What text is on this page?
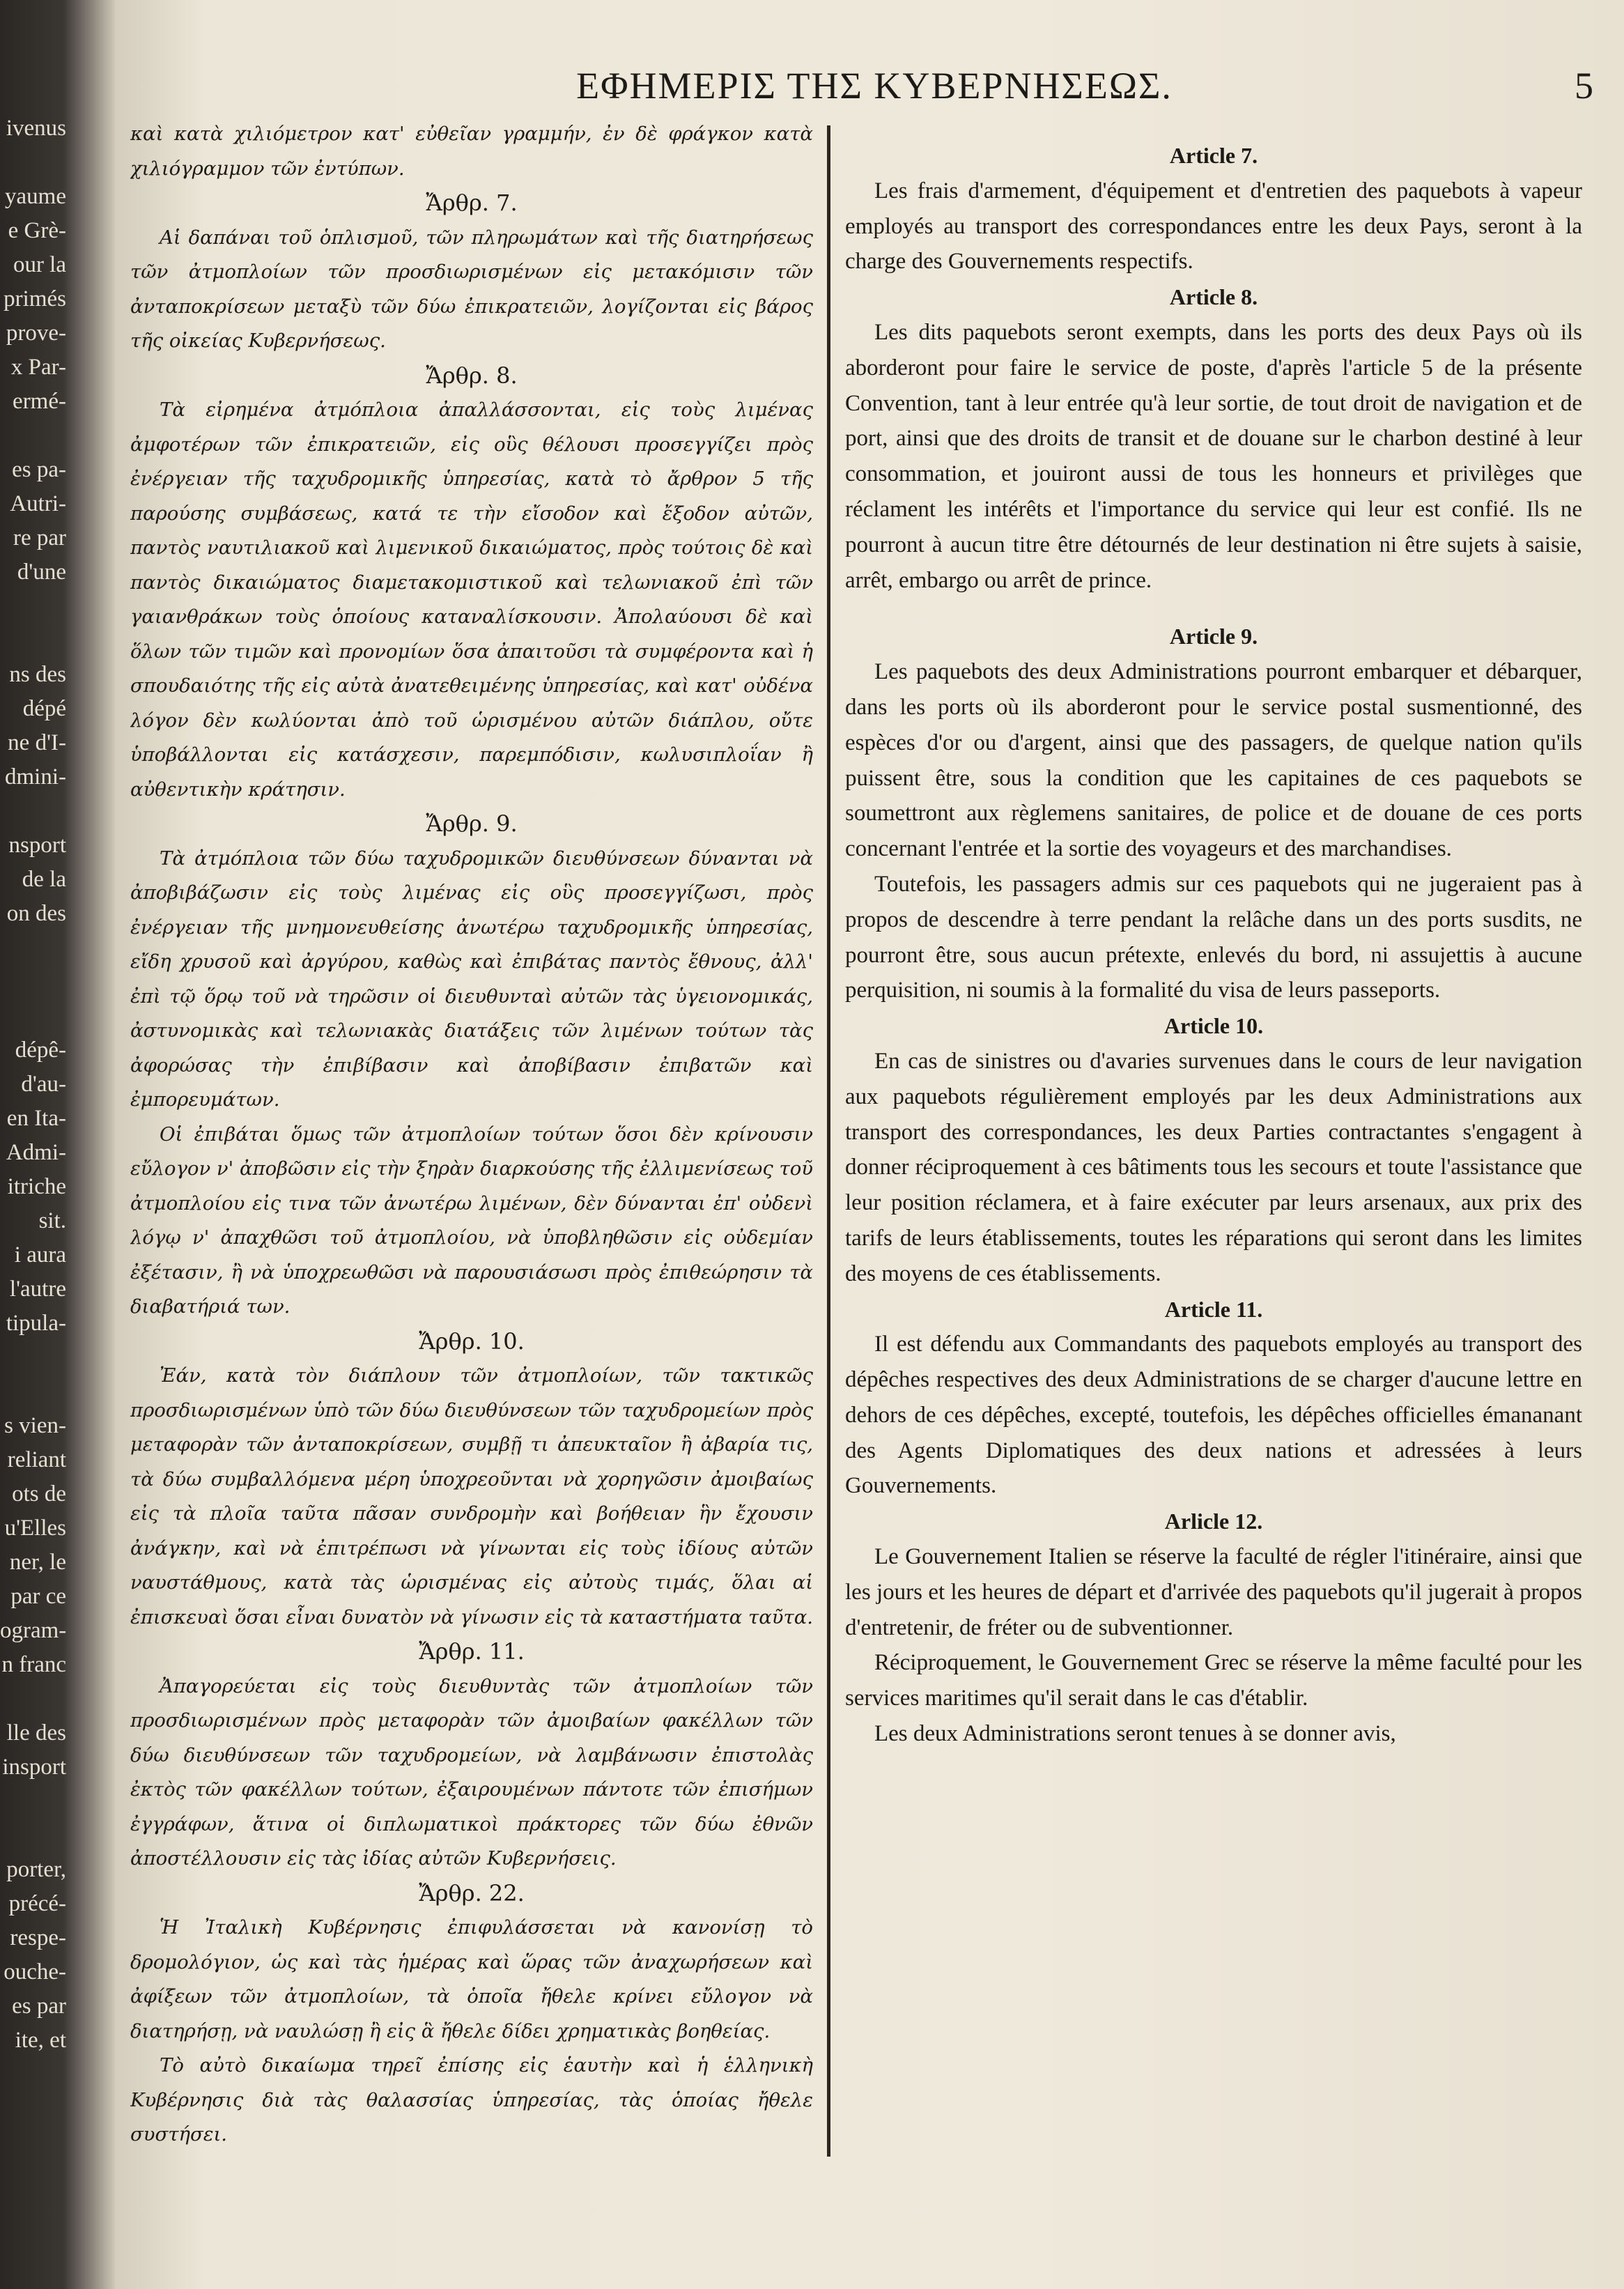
ivenus
yaume
e Grè-
our la
primés
prove-
x Par-
ermé-
es pa-
Autri-
re par
d'une
ns des
dépé
ne d'I-
dmini-
nsport
de la
on des
dépê-
d'au-
en Ita-
Admi-
itriche
sit.
i aura
l'autre
tipula-
s vien-
reliant
ots de
u'Elles
ner, le
par ce
ogram-
n franc
lle des
insport
porter,
précé-
respe-
ouche-
es par
ite, et
ΕΦΗΜΕΡΙΣ ΤΗΣ ΚΥΒΕΡΝΗΣΕΩΣ.	5

καὶ κατὰ χιλιόμετρον κατ' εὐθεῖαν γραμμήν, ἐν δὲ φράγκον κατὰ χιλιόγραμμον τῶν ἐντύπων.

Ἄρθρ. 7.

Αἱ δαπάναι τοῦ ὁπλισμοῦ, τῶν πληρωμάτων καὶ τῆς διατηρήσεως τῶν ἀτμοπλοίων τῶν προσδιωρισμένων εἰς μετακόμισιν τῶν ἀνταποκρίσεων μεταξὺ τῶν δύω ἐπικρατειῶν, λογίζονται εἰς βάρος τῆς οἰκείας Κυβερνήσεως.

Ἄρθρ. 8.

Τὰ εἰρημένα ἀτμόπλοια ἀπαλλάσσονται, εἰς τοὺς λιμένας ἀμφοτέρων τῶν ἐπικρατειῶν, εἰς οὓς θέλουσι προσεγγίζει πρὸς ἐνέργειαν τῆς ταχυδρομικῆς ὑπηρεσίας, κατὰ τὸ ἄρθρον 5 τῆς παρούσης συμβάσεως, κατά τε τὴν εἴσοδον καὶ ἔξοδον αὐτῶν, παντὸς ναυτιλιακοῦ καὶ λιμενικοῦ δικαιώματος, πρὸς τούτοις δὲ καὶ παντὸς δικαιώματος διαμετακομιστικοῦ καὶ τελωνιακοῦ ἐπὶ τῶν γαιανθράκων τοὺς ὁποίους καταναλίσκουσιν. Ἀπολαύουσι δὲ καὶ ὅλων τῶν τιμῶν καὶ προνομίων ὅσα ἀπαιτοῦσι τὰ συμφέροντα καὶ ἡ σπουδαιότης τῆς εἰς αὐτὰ ἀνατεθειμένης ὑπηρεσίας, καὶ κατ' οὐδένα λόγον δὲν κωλύονται ἀπὸ τοῦ ὡρισμένου αὐτῶν διάπλου, οὔτε ὑποβάλλονται εἰς κατάσχεσιν, παρεμπόδισιν, κωλυσιπλοΐαν ἢ αὐθεντικὴν κράτησιν.

Ἄρθρ. 9.

Τὰ ἀτμόπλοια τῶν δύω ταχυδρομικῶν διευθύνσεων δύνανται νὰ ἀποβιβάζωσιν εἰς τοὺς λιμένας εἰς οὓς προσεγγίζωσι, πρὸς ἐνέργειαν τῆς μνημονευθείσης ἀνωτέρω ταχυδρομικῆς ὑπηρεσίας, εἴδη χρυσοῦ καὶ ἀργύρου, καθὼς καὶ ἐπιβάτας παντὸς ἔθνους, ἀλλ' ἐπὶ τῷ ὅρῳ τοῦ νὰ τηρῶσιν οἱ διευθυνταὶ αὐτῶν τὰς ὑγειονομικάς, ἀστυνομικὰς καὶ τελωνιακὰς διατάξεις τῶν λιμένων τούτων τὰς ἀφορώσας τὴν ἐπιβίβασιν καὶ ἀποβίβασιν ἐπιβατῶν καὶ ἐμπορευμάτων.

Οἱ ἐπιβάται ὅμως τῶν ἀτμοπλοίων τούτων ὅσοι δὲν κρίνουσιν εὔλογον ν' ἀποβῶσιν εἰς τὴν ξηρὰν διαρκούσης τῆς ἐλλιμενίσεως τοῦ ἀτμοπλοίου εἰς τινα τῶν ἀνωτέρω λιμένων, δὲν δύνανται ἐπ' οὐδενὶ λόγῳ ν' ἀπαχθῶσι τοῦ ἀτμοπλοίου, νὰ ὑποβληθῶσιν εἰς οὐδεμίαν ἐξέτασιν, ἢ νὰ ὑποχρεωθῶσι νὰ παρουσιάσωσι πρὸς ἐπιθεώρησιν τὰ διαβατήριά των.

Ἄρθρ. 10.

Ἐάν, κατὰ τὸν διάπλουν τῶν ἀτμοπλοίων, τῶν τακτικῶς προσδιωρισμένων ὑπὸ τῶν δύω διευθύνσεων τῶν ταχυδρομείων πρὸς μεταφορὰν τῶν ἀνταποκρίσεων, συμβῇ τι ἀπευκταῖον ἢ ἀβαρία τις, τὰ δύω συμβαλλόμενα μέρη ὑποχρεοῦνται νὰ χορηγῶσιν ἀμοιβαίως εἰς τὰ πλοῖα ταῦτα πᾶσαν συνδρομὴν καὶ βοήθειαν ἣν ἔχουσιν ἀνάγκην, καὶ νὰ ἐπιτρέπωσι νὰ γίνωνται εἰς τοὺς ἰδίους αὐτῶν ναυστάθμους, κατὰ τὰς ὡρισμένας εἰς αὐτοὺς τιμάς, ὅλαι αἱ ἐπισκευαὶ ὅσαι εἶναι δυνατὸν νὰ γίνωσιν εἰς τὰ καταστήματα ταῦτα.

Ἄρθρ. 11.

Ἀπαγορεύεται εἰς τοὺς διευθυντὰς τῶν ἀτμοπλοίων τῶν προσδιωρισμένων πρὸς μεταφορὰν τῶν ἀμοιβαίων φακέλλων τῶν δύω διευθύνσεων τῶν ταχυδρομείων, νὰ λαμβάνωσιν ἐπιστολὰς ἐκτὸς τῶν φακέλλων τούτων, ἐξαιρουμένων πάντοτε τῶν ἐπισήμων ἐγγράφων, ἅτινα οἱ διπλωματικοὶ πράκτορες τῶν δύω ἐθνῶν ἀποστέλλουσιν εἰς τὰς ἰδίας αὐτῶν Κυβερνήσεις.

Ἄρθρ. 22.

Ἡ Ἰταλικὴ Κυβέρνησις ἐπιφυλάσσεται νὰ κανονίσῃ τὸ δρομολόγιον, ὡς καὶ τὰς ἡμέρας καὶ ὥρας τῶν ἀναχωρήσεων καὶ ἀφίξεων τῶν ἀτμοπλοίων, τὰ ὁποῖα ἤθελε κρίνει εὔλογον νὰ διατηρήσῃ, νὰ ναυλώσῃ ἢ εἰς ἃ ἤθελε δίδει χρηματικὰς βοηθείας.

Τὸ αὐτὸ δικαίωμα τηρεῖ ἐπίσης εἰς ἑαυτὴν καὶ ἡ ἑλληνικὴ Κυβέρνησις διὰ τὰς θαλασσίας ὑπηρεσίας, τὰς ὁποίας ἤθελε συστήσει.

Article 7.

Les frais d'armement, d'équipement et d'entretien des paquebots à vapeur employés au transport des correspondances entre les deux Pays, seront à la charge des Gouvernements respectifs.

Article 8.

Les dits paquebots seront exempts, dans les ports des deux Pays où ils aborderont pour faire le service de poste, d'après l'article 5 de la présente Convention, tant à leur entrée qu'à leur sortie, de tout droit de navigation et de port, ainsi que des droits de transit et de douane sur le charbon destiné à leur consommation, et jouiront aussi de tous les honneurs et privilèges que réclament les intérêts et l'importance du service qui leur est confié. Ils ne pourront à aucun titre être détournés de leur destination ni être sujets à saisie, arrêt, embargo ou arrêt de prince.

Article 9.

Les paquebots des deux Administrations pourront embarquer et débarquer, dans les ports où ils aborderont pour le service postal susmentionné, des espèces d'or ou d'argent, ainsi que des passagers, de quelque nation qu'ils puissent être, sous la condition que les capitaines de ces paquebots se soumettront aux règlemens sanitaires, de police et de douane de ces ports concernant l'entrée et la sortie des voyageurs et des marchandises.

Toutefois, les passagers admis sur ces paquebots qui ne jugeraient pas à propos de descendre à terre pendant la relâche dans un des ports susdits, ne pourront être, sous aucun prétexte, enlevés du bord, ni assujettis à aucune perquisition, ni soumis à la formalité du visa de leurs passeports.

Article 10.

En cas de sinistres ou d'avaries survenues dans le cours de leur navigation aux paquebots régulièrement employés par les deux Administrations aux transport des correspondances, les deux Parties contractantes s'engagent à donner réciproquement à ces bâtiments tous les secours et toute l'assistance que leur position réclamera, et à faire exécuter par leurs arsenaux, aux prix des tarifs de leurs établissements, toutes les réparations qui seront dans les limites des moyens de ces établissements.

Article 11.

Il est défendu aux Commandants des paquebots employés au transport des dépêches respectives des deux Administrations de se charger d'aucune lettre en dehors de ces dépêches, excepté, toutefois, les dépêches officielles émananant des Agents Diplomatiques des deux nations et adressées à leurs Gouvernements.

Arlicle 12.

Le Gouvernement Italien se réserve la faculté de régler l'itinéraire, ainsi que les jours et les heures de départ et d'arrivée des paquebots qu'il jugerait à propos d'entretenir, de fréter ou de subventionner.

Réciproquement, le Gouvernement Grec se réserve la même faculté pour les services maritimes qu'il serait dans le cas d'établir.

Les deux Administrations seront tenues à se donner avis,
